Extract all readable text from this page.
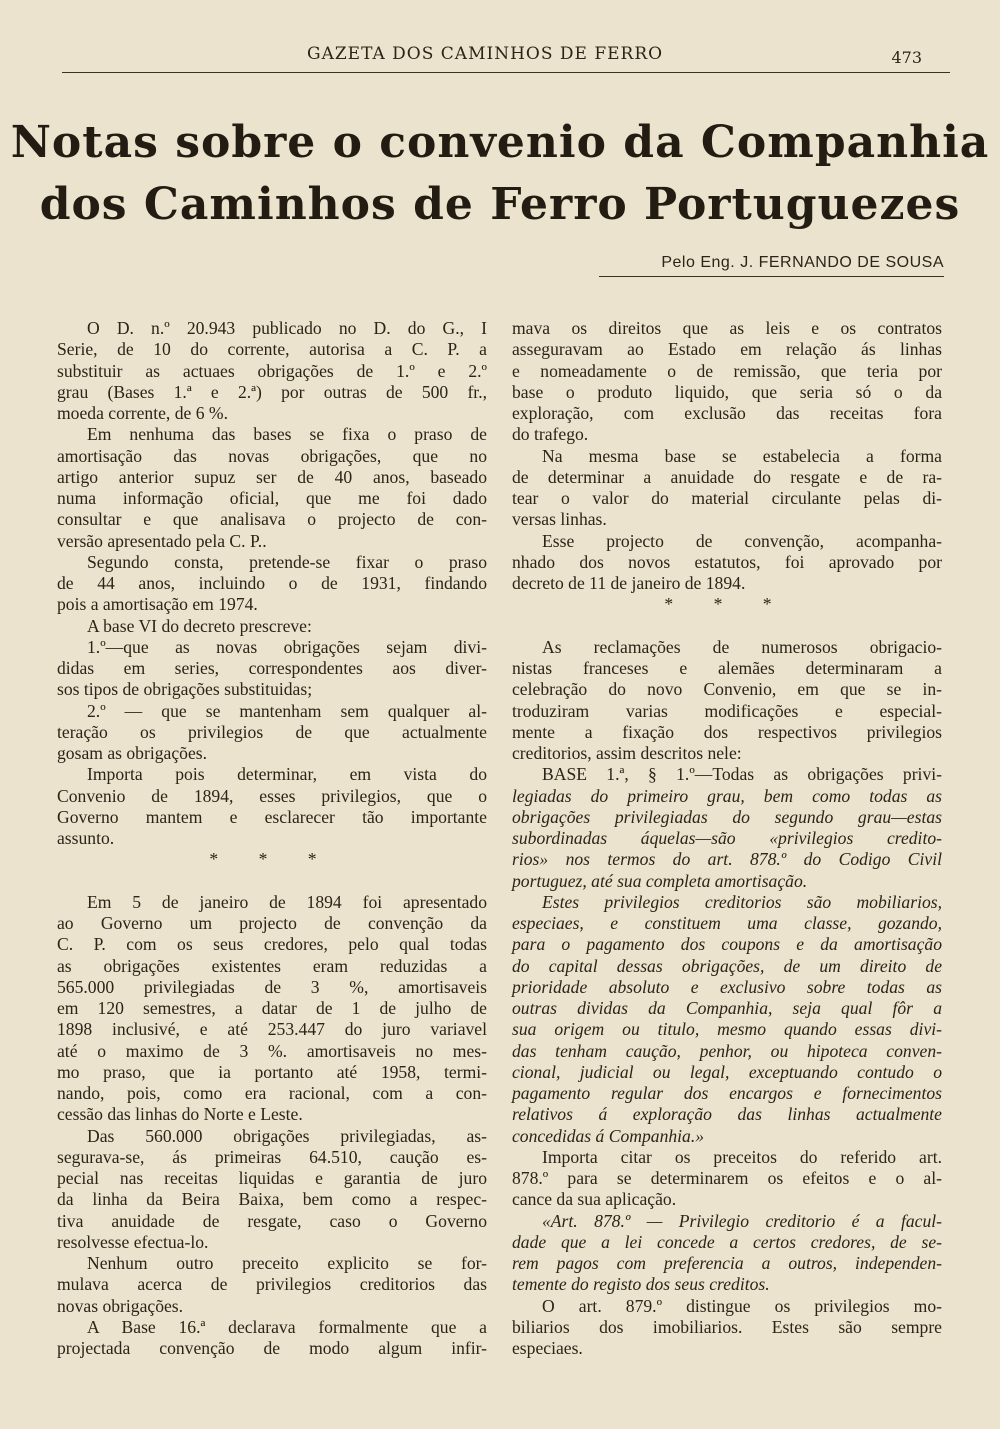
GAZETA DOS CAMINHOS DE FERRO	473
Notas sobre o convenio da Companhia
dos Caminhos de Ferro Portuguezes
Pelo Eng. J. FERNANDO DE SOUSA
O D. n.º 20.943 publicado no D. do G., I
Serie, de 10 do corrente, autorisa a C. P. a
substituir as actuaes obrigações de 1.º e 2.º
grau (Bases 1.ª e 2.ª) por outras de 500 fr.,
moeda corrente, de 6 %.
Em nenhuma das bases se fixa o praso de
amortisação das novas obrigações, que no
artigo anterior supuz ser de 40 anos, baseado
numa informação oficial, que me foi dado
consultar e que analisava o projecto de con-
versão apresentado pela C. P..
Segundo consta, pretende-se fixar o praso
de 44 anos, incluindo o de 1931, findando
pois a amortisação em 1974.
A base VI do decreto prescreve:
1.º—que as novas obrigações sejam divi-
didas em series, correspondentes aos diver-
sos tipos de obrigações substituidas;
2.º — que se mantenham sem qualquer al-
teração os privilegios de que actualmente
gosam as obrigações.
Importa pois determinar, em vista do
Convenio de 1894, esses privilegios, que o
Governo mantem e esclarecer tão importante
assunto.
* * *
Em 5 de janeiro de 1894 foi apresentado
ao Governo um projecto de convenção da
C. P. com os seus credores, pelo qual todas
as obrigações existentes eram reduzidas a
565.000 privilegiadas de 3 %, amortisaveis
em 120 semestres, a datar de 1 de julho de
1898 inclusivé, e até 253.447 do juro variavel
até o maximo de 3 %. amortisaveis no mes-
mo praso, que ia portanto até 1958, termi-
nando, pois, como era racional, com a con-
cessão das linhas do Norte e Leste.
Das 560.000 obrigações privilegiadas, as-
segurava-se, ás primeiras 64.510, caução es-
pecial nas receitas liquidas e garantia de juro
da linha da Beira Baixa, bem como a respec-
tiva anuidade de resgate, caso o Governo
resolvesse efectua-lo.
Nenhum outro preceito explicito se for-
mulava acerca de privilegios creditorios das
novas obrigações.
A Base 16.ª declarava formalmente que a
projectada convenção de modo algum infir-
mava os direitos que as leis e os contratos
asseguravam ao Estado em relação ás linhas
e nomeadamente o de remissão, que teria por
base o produto liquido, que seria só o da
exploração, com exclusão das receitas fora
do trafego.
Na mesma base se estabelecia a forma
de determinar a anuidade do resgate e de ra-
tear o valor do material circulante pelas di-
versas linhas.
Esse projecto de convenção, acompanha-
nhado dos novos estatutos, foi aprovado por
decreto de 11 de janeiro de 1894.
* * *
As reclamações de numerosos obrigacio-
nistas franceses e alemães determinaram a
celebração do novo Convenio, em que se in-
troduziram varias modificações e especial-
mente a fixação dos respectivos privilegios
creditorios, assim descritos nele:
BASE 1.ª, § 1.º—Todas as obrigações privi-
legiadas do primeiro grau, bem como todas as
obrigações privilegiadas do segundo grau—estas
subordinadas áquelas—são «privilegios credito-
rios» nos termos do art. 878.º do Codigo Civil
portuguez, até sua completa amortisação.
Estes privilegios creditorios são mobiliarios,
especiaes, e constituem uma classe, gozando,
para o pagamento dos coupons e da amortisação
do capital dessas obrigações, de um direito de
prioridade absoluto e exclusivo sobre todas as
outras dividas da Companhia, seja qual fôr a
sua origem ou titulo, mesmo quando essas divi-
das tenham caução, penhor, ou hipoteca conven-
cional, judicial ou legal, exceptuando contudo o
pagamento regular dos encargos e fornecimentos
relativos á exploração das linhas actualmente
concedidas á Companhia.»
Importa citar os preceitos do referido art.
878.º para se determinarem os efeitos e o al-
cance da sua aplicação.
«Art. 878.º — Privilegio creditorio é a facul-
dade que a lei concede a certos credores, de se-
rem pagos com preferencia a outros, independen-
temente do registo dos seus creditos.
O art. 879.º distingue os privilegios mo-
biliarios dos imobiliarios. Estes são sempre
especiaes.
